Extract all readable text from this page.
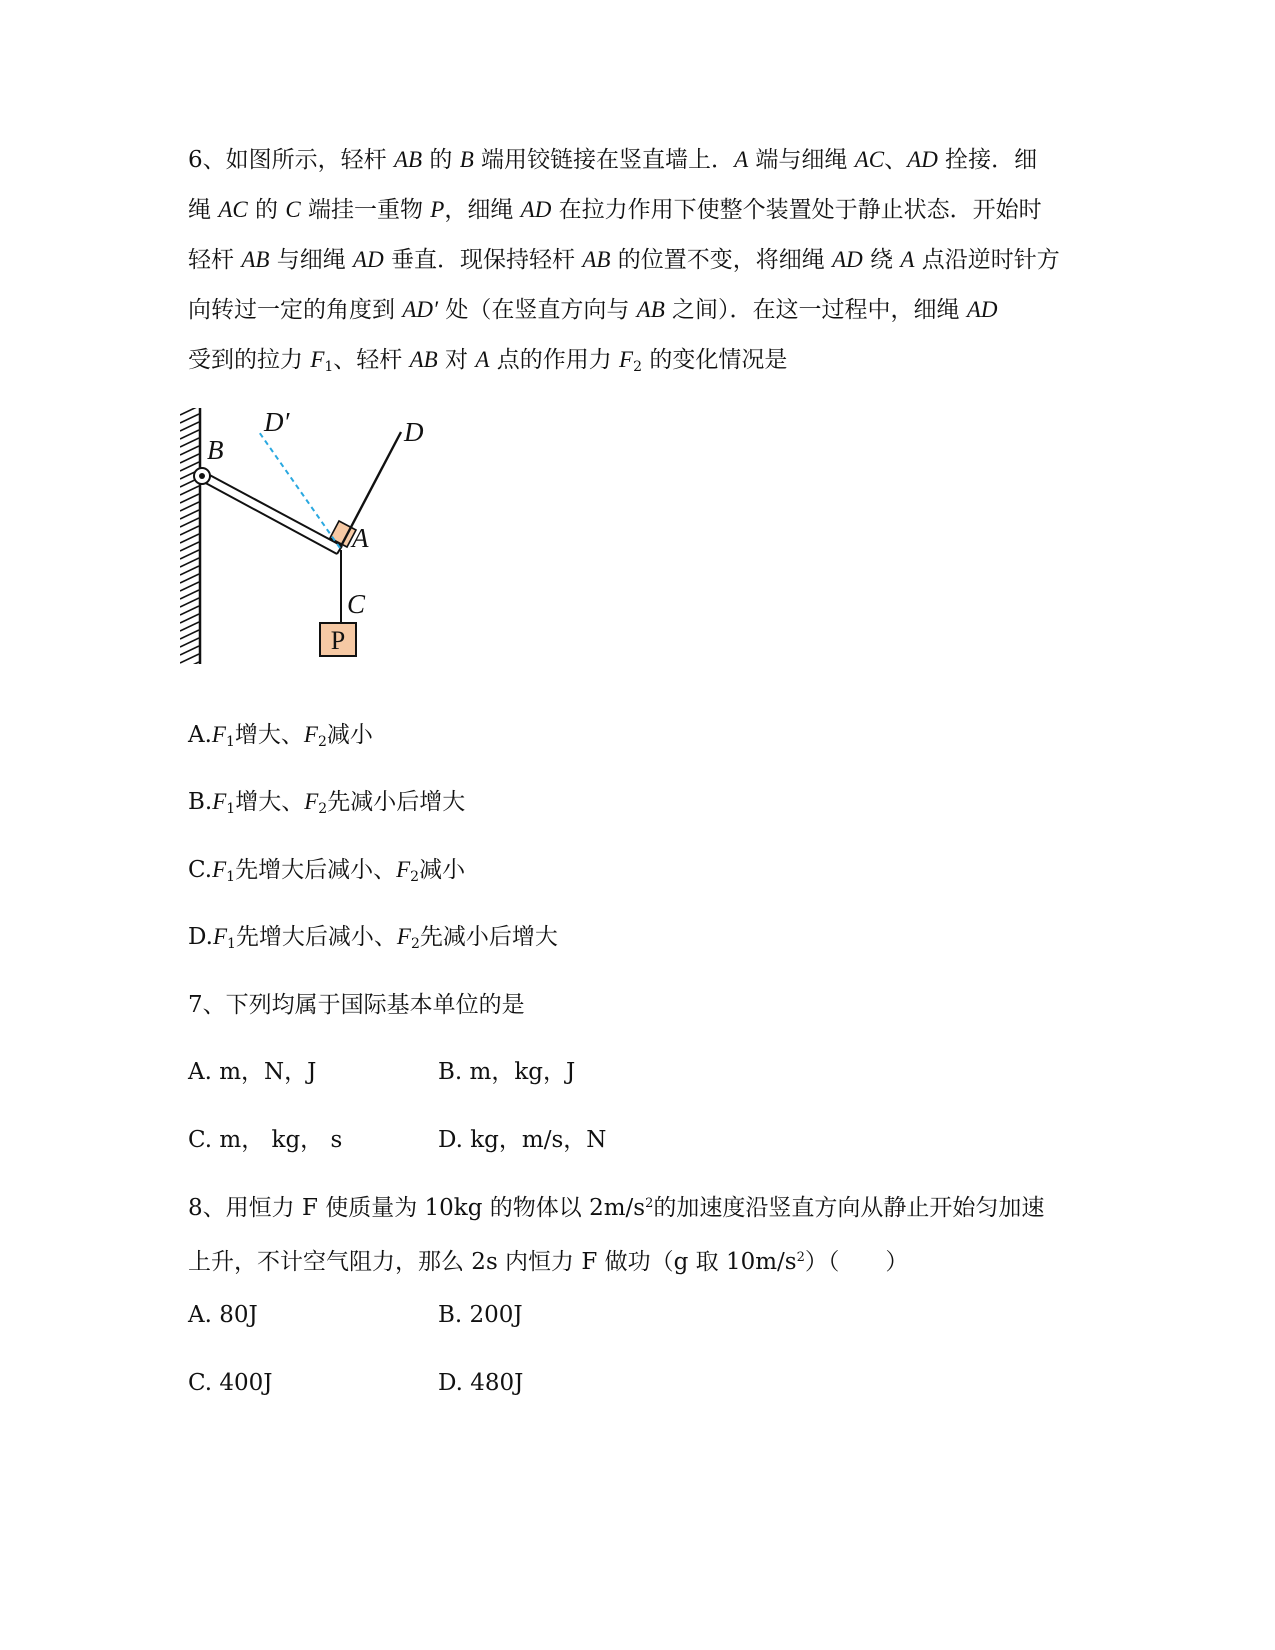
6、如图所示，轻杆 AB 的 B 端用铰链接在竖直墙上．A 端与细绳 AC、AD 拴接．细
绳 AC 的 C 端挂一重物 P，细绳 AD 在拉力作用下使整个装置处于静止状态．开始时
轻杆 AB 与细绳 AD 垂直．现保持轻杆 AB 的位置不变，将细绳 AD 绕 A 点沿逆时针方
向转过一定的角度到 AD′ 处（在竖直方向与 AB 之间）．在这一过程中，细绳 AD
受到的拉力 $F_1$、轻杆 AB 对 A 点的作用力 $F_2$ 的变化情况是

P
D′	D
B
A
C
$A.F_1$增大、$F_2$减小
$B.F_1$增大、$F_2$先减小后增大
$C.F_1$先增大后减小、$F_2$减小
$D.F_1$先增大后减小、$F_2$先减小后增大
7、下列均属于国际基本单位的是
A. m，N，J	B. m，kg，J
C. m， kg， s	D. kg，m/s，N

8、用恒力 F 使质量为 10kg 的物体以 $2m/s^2$的加速度沿竖直方向从静止开始匀加速
上升，不计空气阻力，那么 2s 内恒力 F 做功（g 取 $10m/s^2$）（　　）

A. 80J	B. 200J
C. 400J	D. 480J
